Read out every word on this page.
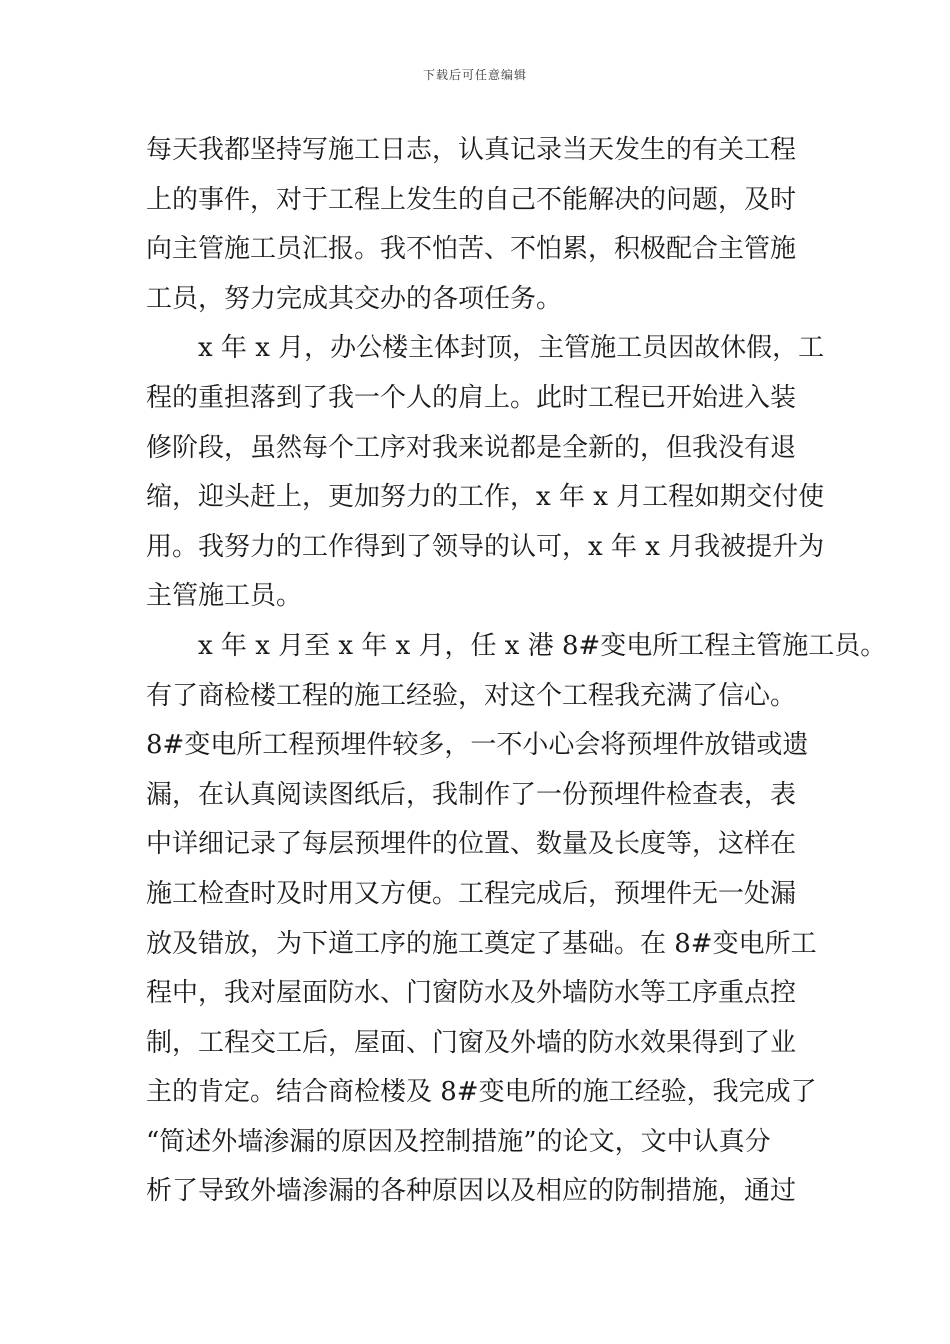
下载后可任意编辑
每天我都坚持写施工日志，认真记录当天发生的有关工程
上的事件，对于工程上发生的自己不能解决的问题，及时
向主管施工员汇报。我不怕苦、不怕累，积极配合主管施
工员，努力完成其交办的各项任务。
x 年 x 月，办公楼主体封顶，主管施工员因故休假，工
程的重担落到了我一个人的肩上。此时工程已开始进入装
修阶段，虽然每个工序对我来说都是全新的，但我没有退
缩，迎头赶上，更加努力的工作，x 年 x 月工程如期交付使
用。我努力的工作得到了领导的认可，x 年 x 月我被提升为
主管施工员。
x 年 x 月至 x 年 x 月，任 x 港 8#变电所工程主管施工员。
有了商检楼工程的施工经验，对这个工程我充满了信心。
8#变电所工程预埋件较多，一不小心会将预埋件放错或遗
漏，在认真阅读图纸后，我制作了一份预埋件检查表，表
中详细记录了每层预埋件的位置、数量及长度等，这样在
施工检查时及时用又方便。工程完成后，预埋件无一处漏
放及错放，为下道工序的施工奠定了基础。在 8#变电所工
程中，我对屋面防水、门窗防水及外墙防水等工序重点控
制，工程交工后，屋面、门窗及外墙的防水效果得到了业
主的肯定。结合商检楼及 8#变电所的施工经验，我完成了
“简述外墙渗漏的原因及控制措施”的论文，文中认真分
析了导致外墙渗漏的各种原因以及相应的防制措施，通过
